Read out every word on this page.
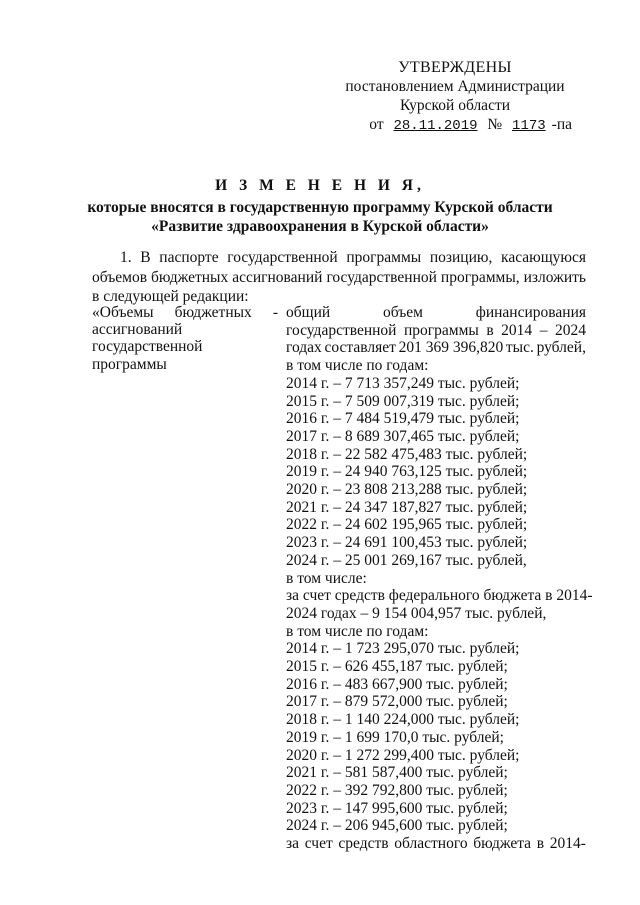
УТВЕРЖДЕНЫ
постановлением Администрации
Курской области
от 28.11.2019 № 1173 -па
И З М Е Н Е Н И Я,
которые вносятся в государственную программу Курской области
«Развитие здравоохранения в Курской области»
1. В паспорте государственной программы позицию, касающуюся объемов бюджетных ассигнований государственной программы, изложить в следующей редакции:
«Объемы бюджетных -
ассигнований
государственной
программы
общий	объем	финансирования
государственной программы в 2014 – 2024
годах составляет 201 369 396,820 тыс. рублей,
в том числе по годам:
2014 г. – 7 713 357,249 тыс. рублей;
2015 г. – 7 509 007,319 тыс. рублей;
2016 г. – 7 484 519,479 тыс. рублей;
2017 г. – 8 689 307,465 тыс. рублей;
2018 г. – 22 582 475,483 тыс. рублей;
2019 г. – 24 940 763,125 тыс. рублей;
2020 г. – 23 808 213,288 тыс. рублей;
2021 г. – 24 347 187,827 тыс. рублей;
2022 г. – 24 602 195,965 тыс. рублей;
2023 г. – 24 691 100,453 тыс. рублей;
2024 г. – 25 001 269,167 тыс. рублей,
в том числе:
за счет средств федерального бюджета в 2014-
2024 годах – 9 154 004,957 тыс. рублей,
в том числе по годам:
2014 г. – 1 723 295,070 тыс. рублей;
2015 г. – 626 455,187 тыс. рублей;
2016 г. – 483 667,900 тыс. рублей;
2017 г. – 879 572,000 тыс. рублей;
2018 г. – 1 140 224,000 тыс. рублей;
2019 г. – 1 699 170,0 тыс. рублей;
2020 г. – 1 272 299,400 тыс. рублей;
2021 г. – 581 587,400 тыс. рублей;
2022 г. – 392 792,800 тыс. рублей;
2023 г. – 147 995,600 тыс. рублей;
2024 г. – 206 945,600 тыс. рублей;
за счет средств областного бюджета в 2014-
